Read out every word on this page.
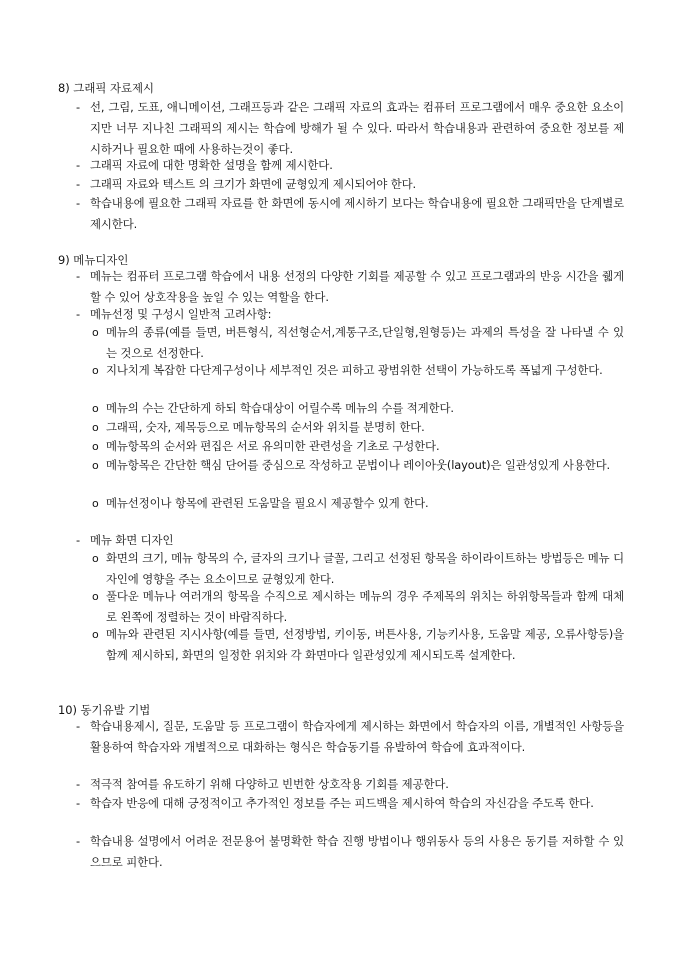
8) 그래픽 자료제시
- 선, 그림, 도표, 애니메이션, 그래프등과 같은 그래픽 자료의 효과는 컴퓨터 프로그램에서 매우 중요한 요소이지만 너무 지나친 그래픽의 제시는 학습에 방해가 될 수 있다. 따라서 학습내용과 관련하여 중요한 정보를 제시하거나 필요한 때에 사용하는것이 좋다.
- 그래픽 자료에 대한 명확한 설명을 함께 제시한다.
- 그래픽 자료와 텍스트 의 크기가 화면에 균형있게 제시되어야 한다.
- 학습내용에 필요한 그래픽 자료를 한 화면에 동시에 제시하기 보다는 학습내용에 필요한 그래픽만을 단계별로 제시한다.
9) 메뉴디자인
- 메뉴는 컴퓨터 프로그램 학습에서 내용 선정의 다양한 기회를 제공할 수 있고 프로그램과의 반응 시간을 줿게할 수 있어 상호작용을 높일 수 있는 역할을 한다.
- 메뉴선정 및 구성시 일반적 고려사항:
ο 메뉴의 종류(예를 들면, 버튼형식, 직선형순서,계통구조,단일형,원형등)는 과제의 특성을 잘 나타낼 수 있는 것으로 선정한다.
ο 지나치게 복잡한 다단계구성이나 세부적인 것은 피하고 광범위한 선택이 가능하도록 폭넓게 구성한다.
ο 메뉴의 수는 간단하게 하되 학습대상이 어릴수록 메뉴의 수를 적게한다.
ο 그래픽, 숫자, 제목등으로 메뉴항목의 순서와 위치를 분명히 한다.
ο 메뉴항목의 순서와 편집은 서로 유의미한 관련성을 기초로 구성한다.
ο 메뉴항목은 간단한 핵심 단어를 중심으로 작성하고 문법이나 레이아웃(layout)은 일관성있게 사용한다.
ο 메뉴선정이나 항목에 관련된 도움말을 필요시 제공할수 있게 한다.
- 메뉴 화면 디자인
ο 화면의 크기, 메뉴 항목의 수, 글자의 크기나 글꼴, 그리고 선정된 항목을 하이라이트하는 방법등은 메뉴 디자인에 영향을 주는 요소이므로 균형있게 한다.
ο 풀다운 메뉴나 여러개의 항목을 수직으로 제시하는 메뉴의 경우 주제목의 위치는 하위항목들과 함께 대체로 왼쪽에 정렬하는 것이 바람직하다.
ο 메뉴와 관련된 지시사항(예를 들면, 선정방법, 키이동, 버튼사용, 기능키사용, 도움말 제공, 오류사항등)을 함께 제시하되, 화면의 일정한 위치와 각 화면마다 일관성있게 제시되도록 설계한다.
10) 동기유발 기법
- 학습내용제시, 질문, 도움말 등 프로그램이 학습자에게 제시하는 화면에서 학습자의 이름, 개별적인 사항등을 활용하여 학습자와 개별적으로 대화하는 형식은 학습동기를 유발하여 학습에 효과적이다.
- 적극적 참여를 유도하기 위해 다양하고 빈번한 상호작용 기회를 제공한다.
- 학습자 반응에 대해 긍정적이고 추가적인 정보를 주는 피드백을 제시하여 학습의 자신감을 주도록 한다.
- 학습내용 설명에서 어려운 전문용어 불명확한 학습 진행 방법이나 행위동사 등의 사용은 동기를 저하할 수 있으므로 피한다.
